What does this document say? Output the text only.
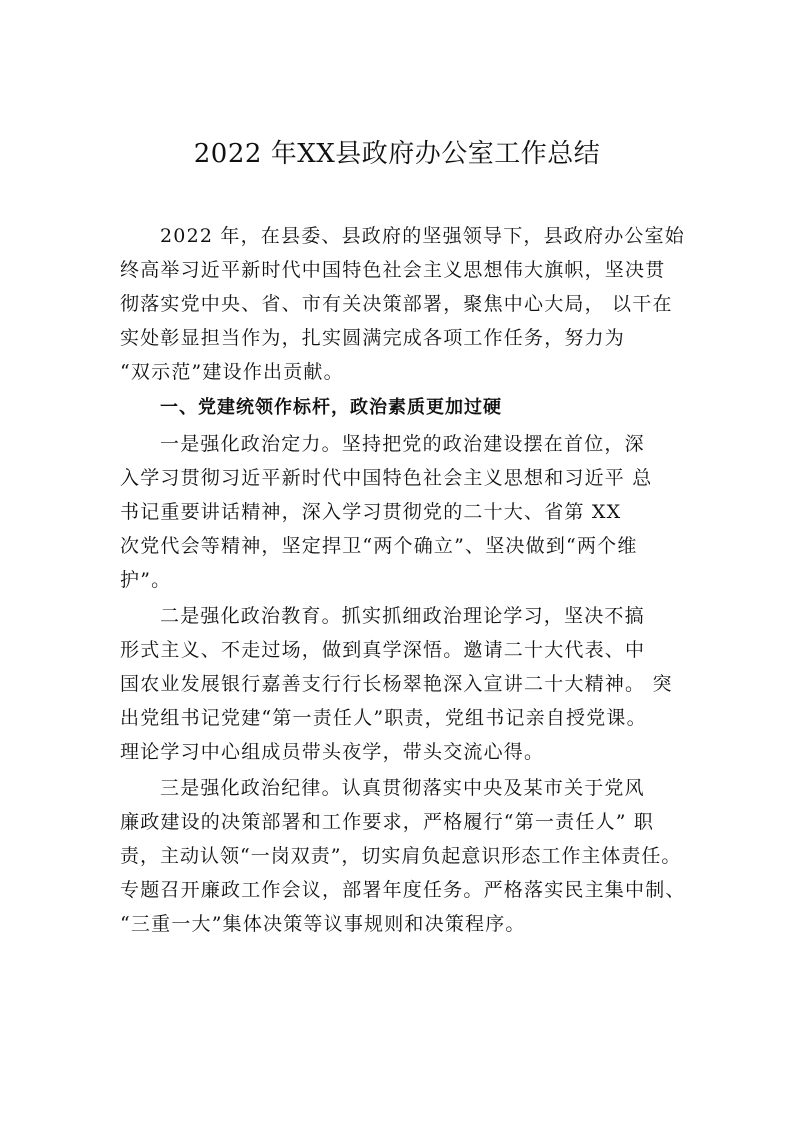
2022 年XX县政府办公室工作总结

2022 年，在县委、县政府的坚强领导下，县政府办公室始

终高举习近平新时代中国特色社会主义思想伟大旗帜，坚决贯

彻落实党中央、省、市有关决策部署，聚焦中心大局， 以干在

实处彰显担当作为，扎实圆满完成各项工作任务，努力为

“双示范”建设作出贡献。

一、党建统领作标杆，政治素质更加过硬

一是强化政治定力。坚持把党的政治建设摆在首位，深

入学习贯彻习近平新时代中国特色社会主义思想和习近平 总

书记重要讲话精神，深入学习贯彻党的二十大、省第 XX

次党代会等精神，坚定捍卫“两个确立”、坚决做到“两个维

护”。

二是强化政治教育。抓实抓细政治理论学习，坚决不搞

形式主义、不走过场，做到真学深悟。邀请二十大代表、中

国农业发展银行嘉善支行行长杨翠艳深入宣讲二十大精神。 突

出党组书记党建“第一责任人”职责，党组书记亲自授党课。

理论学习中心组成员带头夜学，带头交流心得。

三是强化政治纪律。认真贯彻落实中央及某市关于党风

廉政建设的决策部署和工作要求，严格履行“第一责任人” 职

责，主动认领“一岗双责”，切实肩负起意识形态工作主体责任。

专题召开廉政工作会议，部署年度任务。严格落实民主集中制、

“三重一大”集体决策等议事规则和决策程序。
